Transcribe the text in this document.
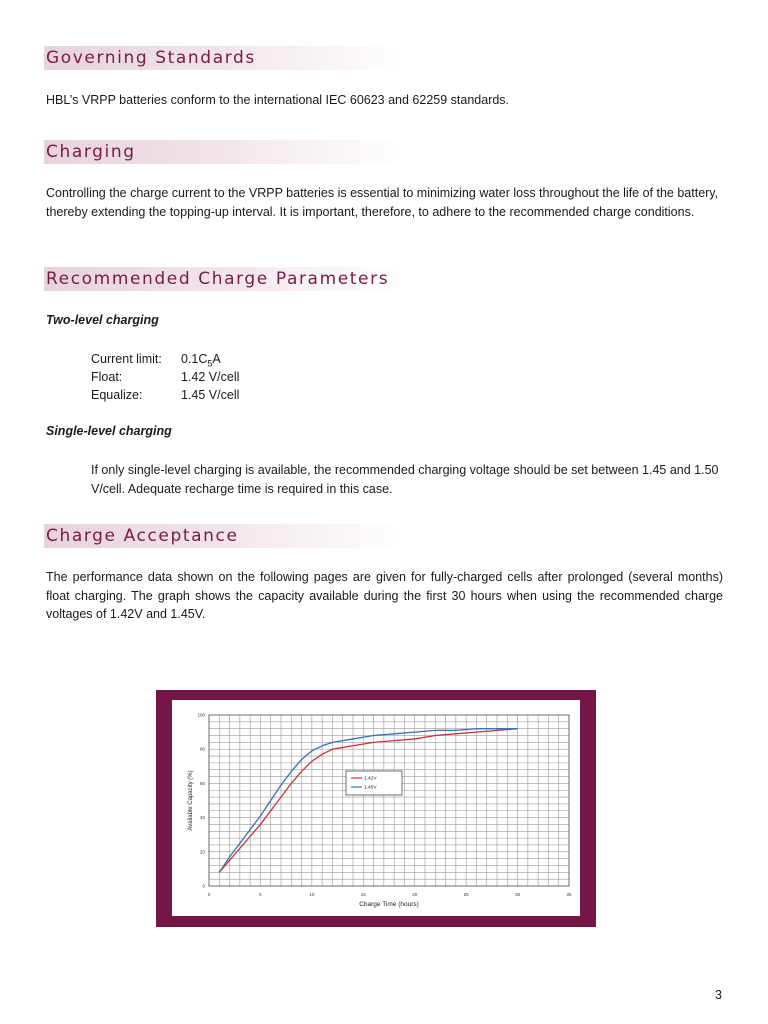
Governing Standards
HBL’s VRPP batteries conform to the international IEC 60623 and 62259 standards.
Charging
Controlling the charge current to the VRPP batteries is essential to minimizing water loss throughout the life of the battery, thereby extending the topping-up interval. It is important, therefore, to adhere to the recommended charge conditions.
Recommended Charge Parameters
Two-level charging
Current limit: $0.1C_5A$
Float:	1.42 V/cell
Equalize:	1.45 V/cell
Single-level charging
If only single-level charging is available, the recommended charging voltage should be set between 1.45 and 1.50 V/cell. Adequate recharge time is required in this case.
Charge Acceptance
The performance data shown on the following pages are given for fully-charged cells after prolonged (several months) float charging. The graph shows the capacity available during the first 30 hours when using the recommended charge voltages of 1.42V and 1.45V.
0	5	10	15	20	25	30	35
0
20
40
60
80
100
Charge Time (hours)
Available Capacity (%)	1.42V
1.45V
3
